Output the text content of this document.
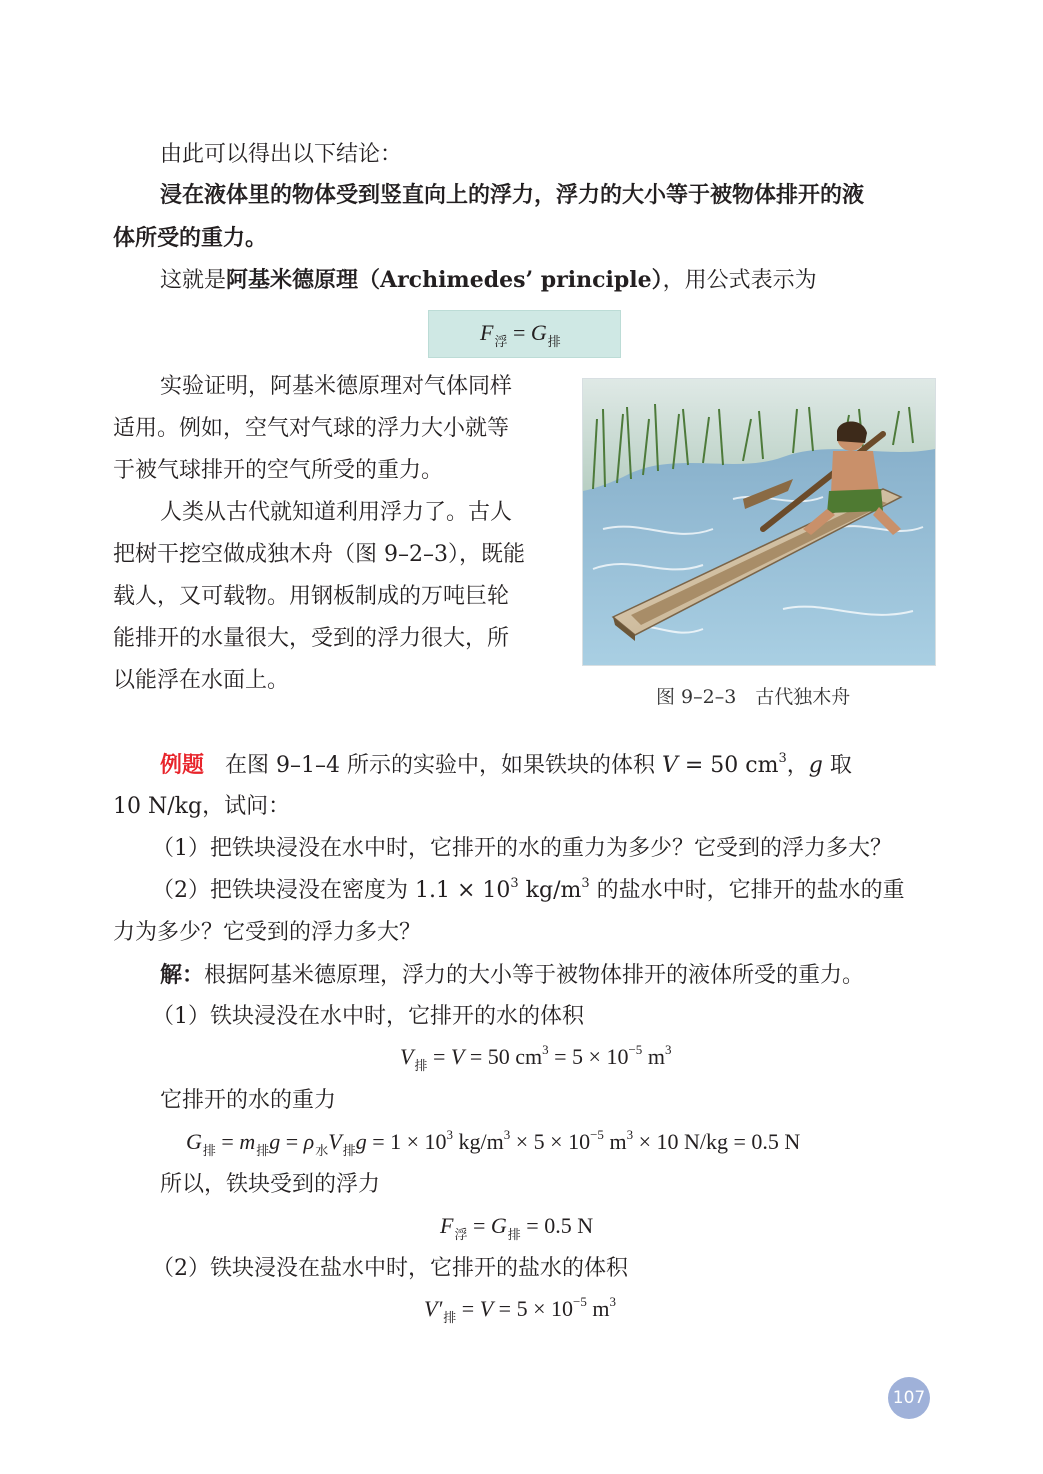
由此可以得出以下结论：
浸在液体里的物体受到竖直向上的浮力，浮力的大小等于被物体排开的液
体所受的重力。
这就是阿基米德原理（Archimedes’ principle），用公式表示为
$F_浮 = G_排$
实验证明，阿基米德原理对气体同样
适用。例如，空气对气球的浮力大小就等
于被气球排开的空气所受的重力。
人类从古代就知道利用浮力了。古人
把树干挖空做成独木舟（图 9–2–3），既能
载人，又可载物。用钢板制成的万吨巨轮
能排开的水量很大，受到的浮力很大，所
以能浮在水面上。
图 9–2–3　古代独木舟
例题 在图 9–1–4 所示的实验中，如果铁块的体积 V = 50 $cm^3$，g 取
10 N/kg，试问：
（1）把铁块浸没在水中时，它排开的水的重力为多少？它受到的浮力多大？
（2）把铁块浸没在密度为 $1.1 \times 10^3$ $kg/m^3$ 的盐水中时，它排开的盐水的重
力为多少？它受到的浮力多大？
解：根据阿基米德原理，浮力的大小等于被物体排开的液体所受的重力。
（1）铁块浸没在水中时，它排开的水的体积
$V_排 = V = 50$ $cm^3 = 5 \times 10^{-5}$ $m^3$
它排开的水的重力
$G_排 = m_排g = \rho_水V_排g = 1 \times 10^3$ $kg/m^3 \times 5 \times 10^{-5}$ $m^3 \times 10$ N/kg = 0.5 N
所以，铁块受到的浮力
$F_浮 = G_排 = 0.5$ N
（2）铁块浸没在盐水中时，它排开的盐水的体积
$V'_排 = V = 5 \times 10^{-5}$ $m^3$
107
